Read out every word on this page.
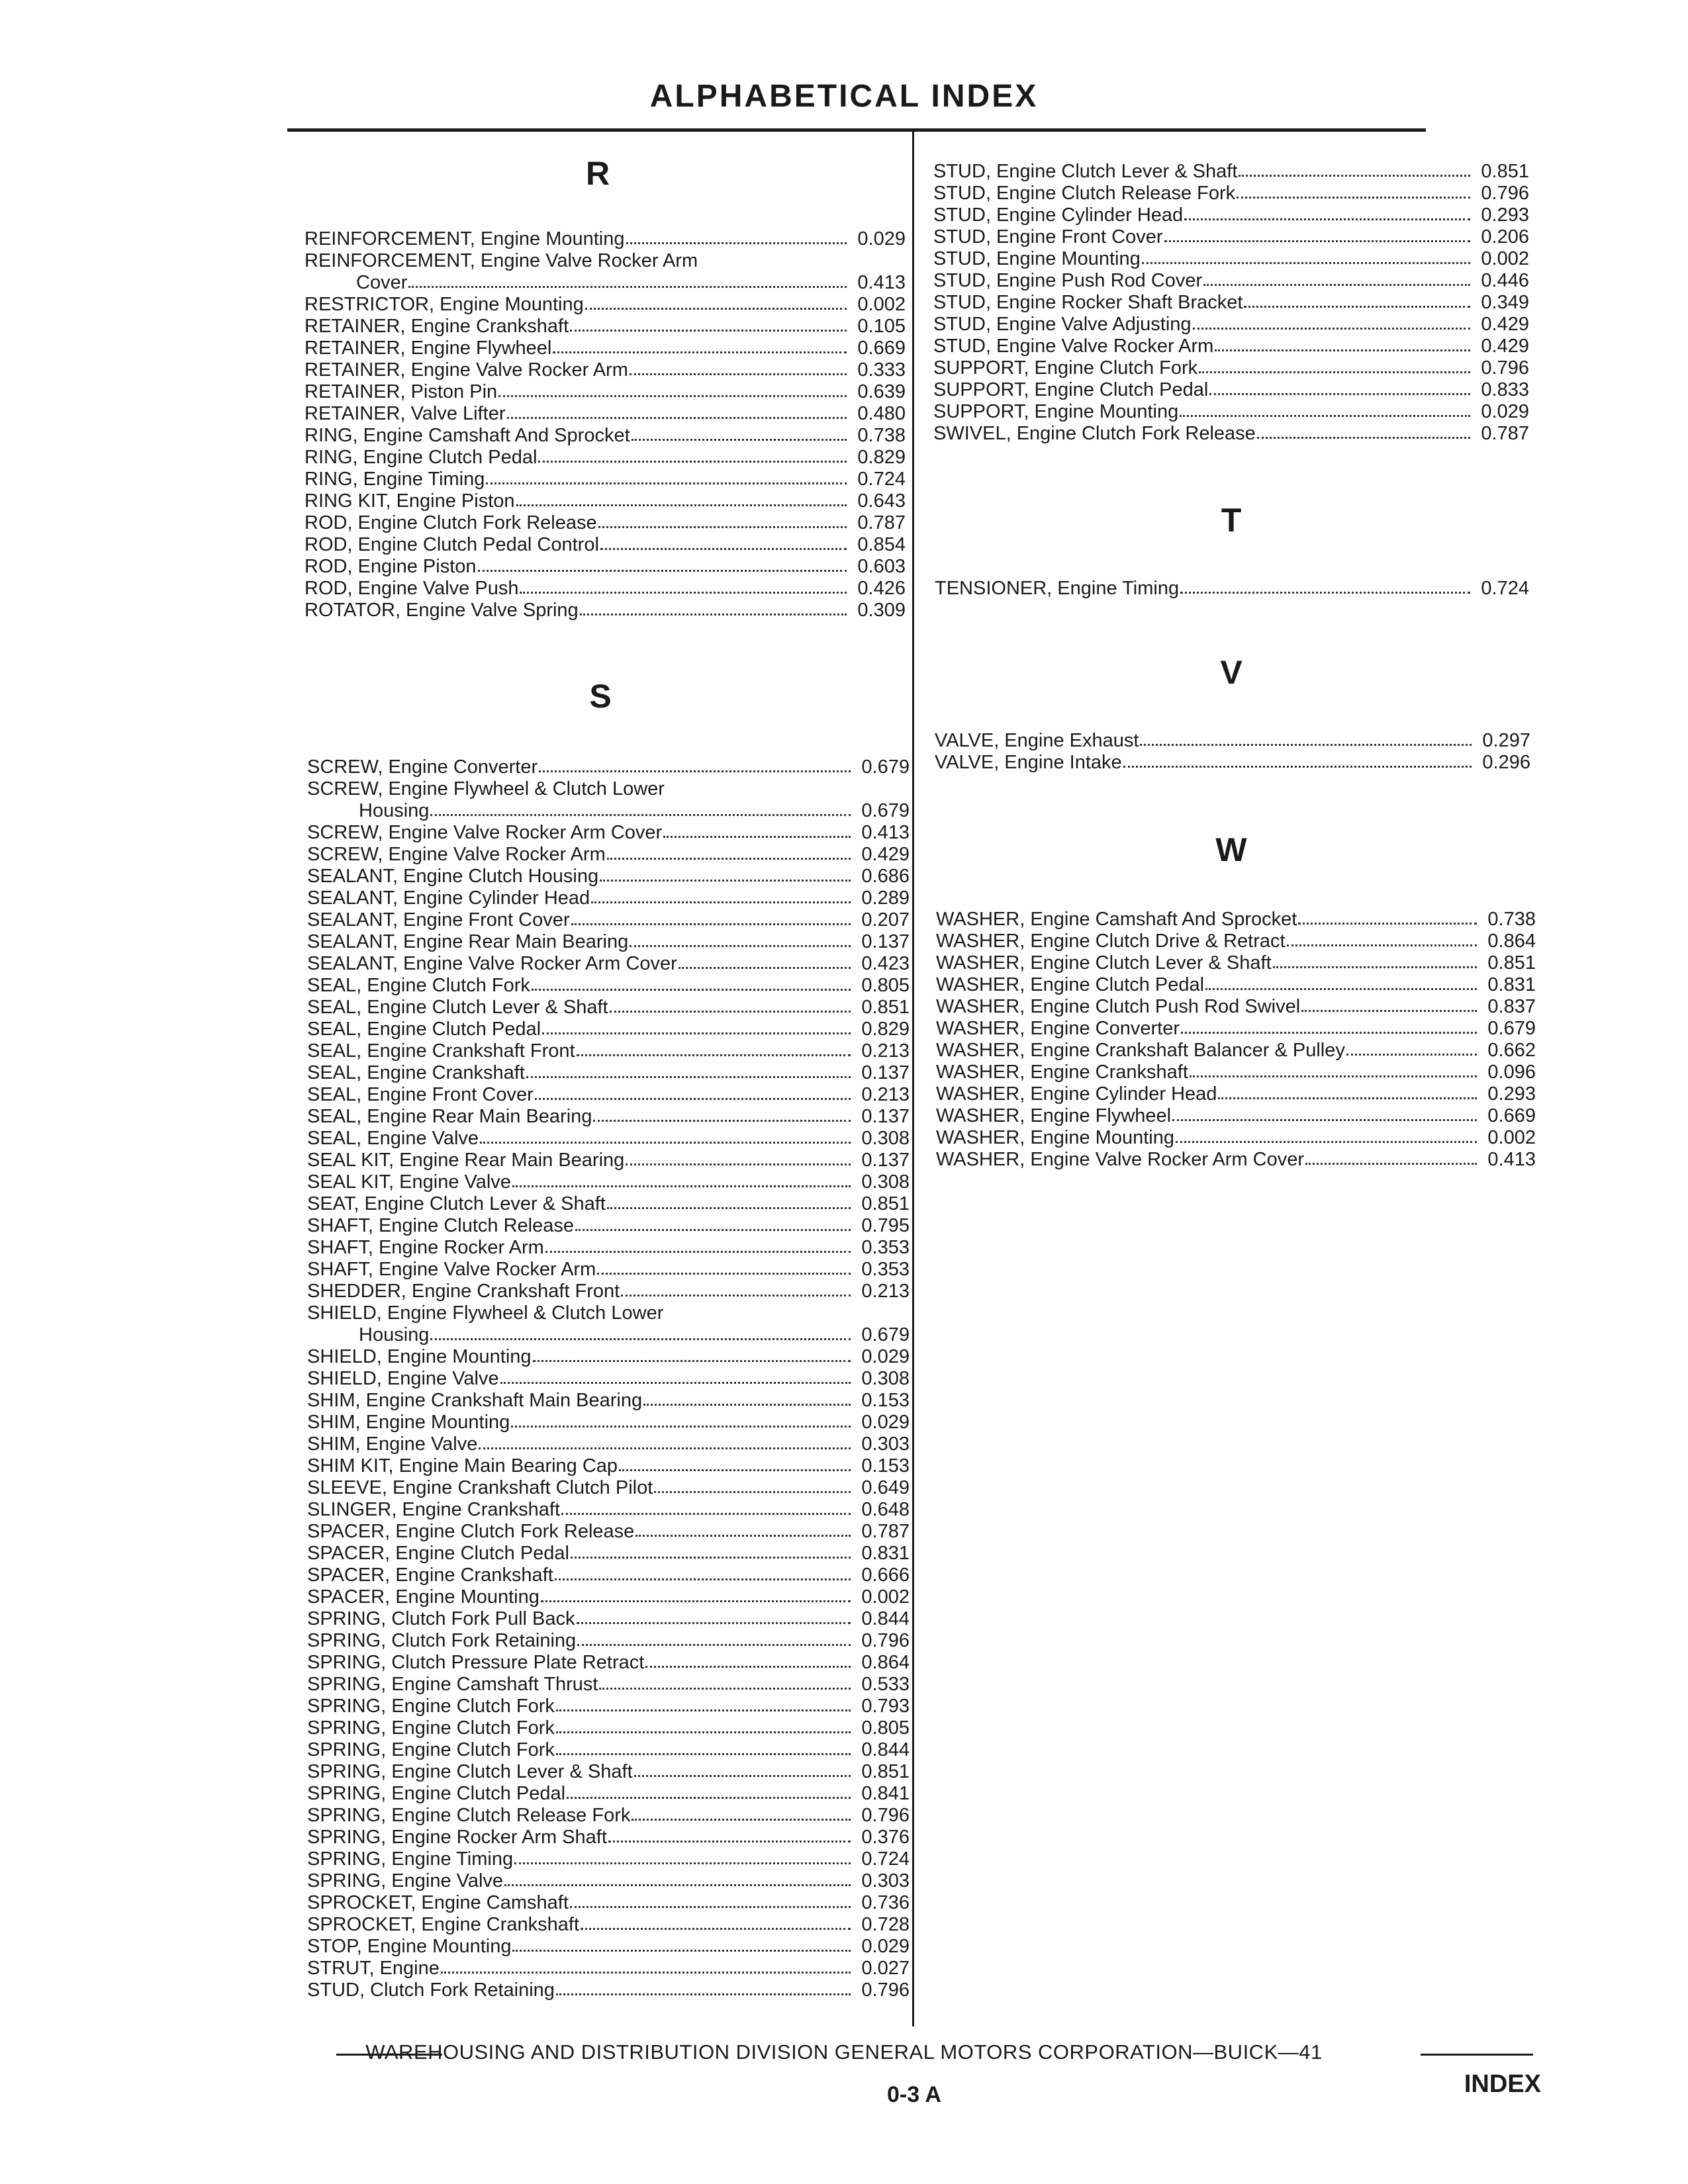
ALPHABETICAL INDEX
R
REINFORCEMENT, Engine Mounting	0.029
REINFORCEMENT, Engine Valve Rocker Arm
Cover	0.413
RESTRICTOR, Engine Mounting	0.002
RETAINER, Engine Crankshaft	0.105
RETAINER, Engine Flywheel	0.669
RETAINER, Engine Valve Rocker Arm	0.333
RETAINER, Piston Pin	0.639
RETAINER, Valve Lifter	0.480
RING, Engine Camshaft And Sprocket	0.738
RING, Engine Clutch Pedal	0.829
RING, Engine Timing	0.724
RING KIT, Engine Piston	0.643
ROD, Engine Clutch Fork Release	0.787
ROD, Engine Clutch Pedal Control	0.854
ROD, Engine Piston	0.603
ROD, Engine Valve Push	0.426
ROTATOR, Engine Valve Spring	0.309
S
SCREW, Engine Converter	0.679
SCREW, Engine Flywheel & Clutch Lower
Housing	0.679
SCREW, Engine Valve Rocker Arm Cover	0.413
SCREW, Engine Valve Rocker Arm	0.429
SEALANT, Engine Clutch Housing	0.686
SEALANT, Engine Cylinder Head	0.289
SEALANT, Engine Front Cover	0.207
SEALANT, Engine Rear Main Bearing	0.137
SEALANT, Engine Valve Rocker Arm Cover	0.423
SEAL, Engine Clutch Fork	0.805
SEAL, Engine Clutch Lever & Shaft	0.851
SEAL, Engine Clutch Pedal	0.829
SEAL, Engine Crankshaft Front	0.213
SEAL, Engine Crankshaft	0.137
SEAL, Engine Front Cover	0.213
SEAL, Engine Rear Main Bearing	0.137
SEAL, Engine Valve	0.308
SEAL KIT, Engine Rear Main Bearing	0.137
SEAL KIT, Engine Valve	0.308
SEAT, Engine Clutch Lever & Shaft	0.851
SHAFT, Engine Clutch Release	0.795
SHAFT, Engine Rocker Arm	0.353
SHAFT, Engine Valve Rocker Arm	0.353
SHEDDER, Engine Crankshaft Front	0.213
SHIELD, Engine Flywheel & Clutch Lower
Housing	0.679
SHIELD, Engine Mounting	0.029
SHIELD, Engine Valve	0.308
SHIM, Engine Crankshaft Main Bearing	0.153
SHIM, Engine Mounting	0.029
SHIM, Engine Valve	0.303
SHIM KIT, Engine Main Bearing Cap	0.153
SLEEVE, Engine Crankshaft Clutch Pilot	0.649
SLINGER, Engine Crankshaft	0.648
SPACER, Engine Clutch Fork Release	0.787
SPACER, Engine Clutch Pedal	0.831
SPACER, Engine Crankshaft	0.666
SPACER, Engine Mounting	0.002
SPRING, Clutch Fork Pull Back	0.844
SPRING, Clutch Fork Retaining	0.796
SPRING, Clutch Pressure Plate Retract	0.864
SPRING, Engine Camshaft Thrust	0.533
SPRING, Engine Clutch Fork	0.793
SPRING, Engine Clutch Fork	0.805
SPRING, Engine Clutch Fork	0.844
SPRING, Engine Clutch Lever & Shaft	0.851
SPRING, Engine Clutch Pedal	0.841
SPRING, Engine Clutch Release Fork	0.796
SPRING, Engine Rocker Arm Shaft	0.376
SPRING, Engine Timing	0.724
SPRING, Engine Valve	0.303
SPROCKET, Engine Camshaft	0.736
SPROCKET, Engine Crankshaft	0.728
STOP, Engine Mounting	0.029
STRUT, Engine	0.027
STUD, Clutch Fork Retaining	0.796
STUD, Engine Clutch Lever & Shaft	0.851
STUD, Engine Clutch Release Fork	0.796
STUD, Engine Cylinder Head	0.293
STUD, Engine Front Cover	0.206
STUD, Engine Mounting	0.002
STUD, Engine Push Rod Cover	0.446
STUD, Engine Rocker Shaft Bracket	0.349
STUD, Engine Valve Adjusting	0.429
STUD, Engine Valve Rocker Arm	0.429
SUPPORT, Engine Clutch Fork	0.796
SUPPORT, Engine Clutch Pedal	0.833
SUPPORT, Engine Mounting	0.029
SWIVEL, Engine Clutch Fork Release	0.787
T
TENSIONER, Engine Timing	0.724
V
VALVE, Engine Exhaust	0.297
VALVE, Engine Intake	0.296
W
WASHER, Engine Camshaft And Sprocket	0.738
WASHER, Engine Clutch Drive & Retract	0.864
WASHER, Engine Clutch Lever & Shaft	0.851
WASHER, Engine Clutch Pedal	0.831
WASHER, Engine Clutch Push Rod Swivel	0.837
WASHER, Engine Converter	0.679
WASHER, Engine Crankshaft Balancer & Pulley	0.662
WASHER, Engine Crankshaft	0.096
WASHER, Engine Cylinder Head	0.293
WASHER, Engine Flywheel	0.669
WASHER, Engine Mounting	0.002
WASHER, Engine Valve Rocker Arm Cover	0.413
WAREHOUSING AND DISTRIBUTION DIVISION GENERAL MOTORS CORPORATION—BUICK—41
0-3 A	INDEX
